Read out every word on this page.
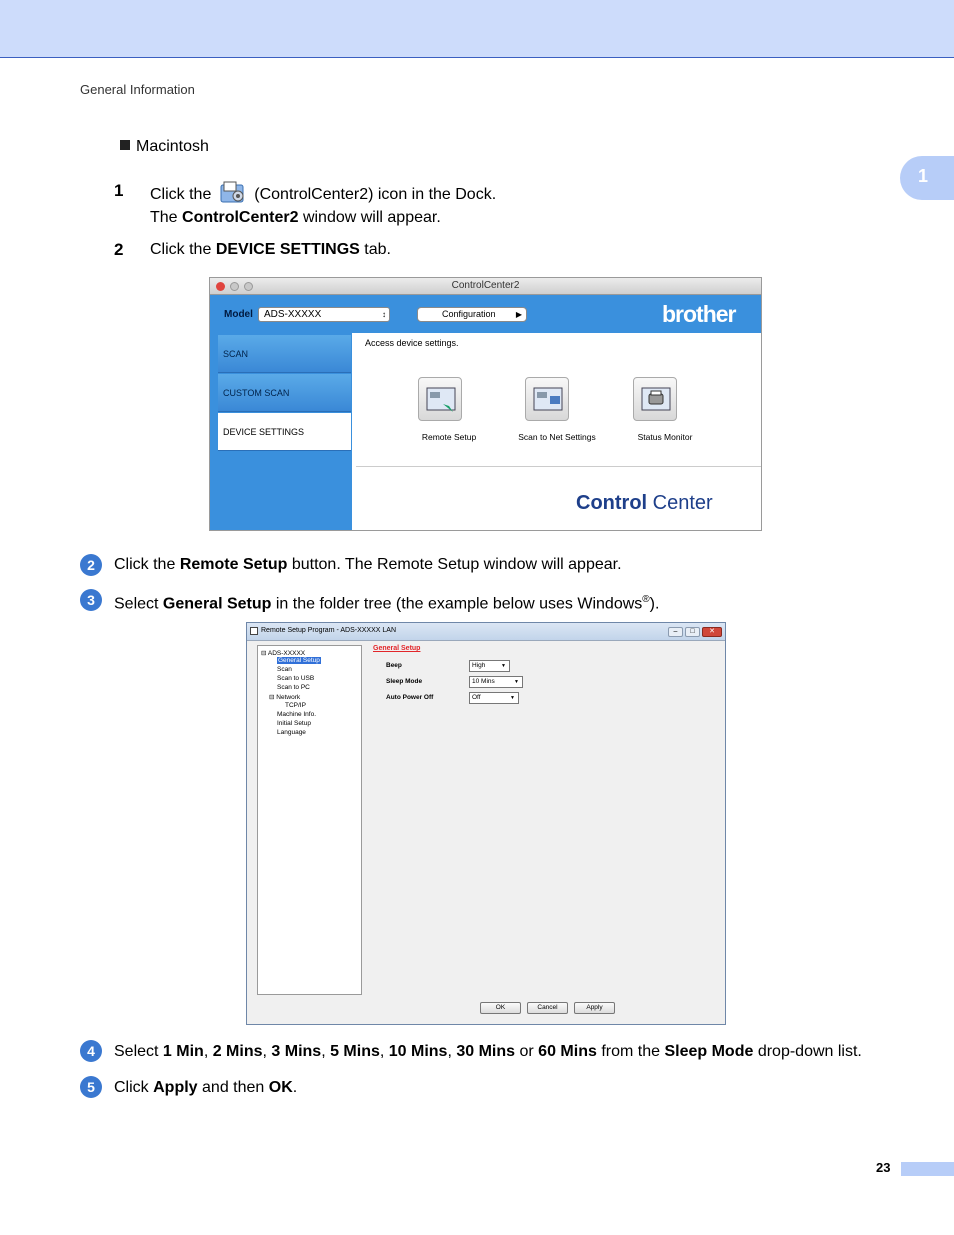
General Information
1
Macintosh
1 Click the	(ControlCenter2) icon in the Dock.
The ControlCenter2 window will appear.
2 Click the DEVICE SETTINGS tab.
ControlCenter2
Model	ADS-XXXXX	↕	Configuration	▶	brother
SCAN
CUSTOM SCAN
DEVICE SETTINGS
Access device settings.
Remote Setup	Scan to Net Settings	Status Monitor
Control Center
2	Click the Remote Setup button. The Remote Setup window will appear.
3	Select General Setup in the folder tree (the example below uses Windows®).
Remote Setup Program - ADS-XXXXX LAN	–	□	✕
⊟ ADS-XXXXX
General Setup
Scan
Scan to USB
Scan to PC
⊟ Network
TCP/IP
Machine Info.
Initial Setup
Language
General Setup
Beep	High	▼
Sleep Mode	10 Mins	▼
Auto Power Off	Off	▼
OK	Cancel	Apply
4	Select 1 Min, 2 Mins, 3 Mins, 5 Mins, 10 Mins, 30 Mins or 60 Mins from the Sleep Mode drop-down list.
5	Click Apply and then OK.
23
